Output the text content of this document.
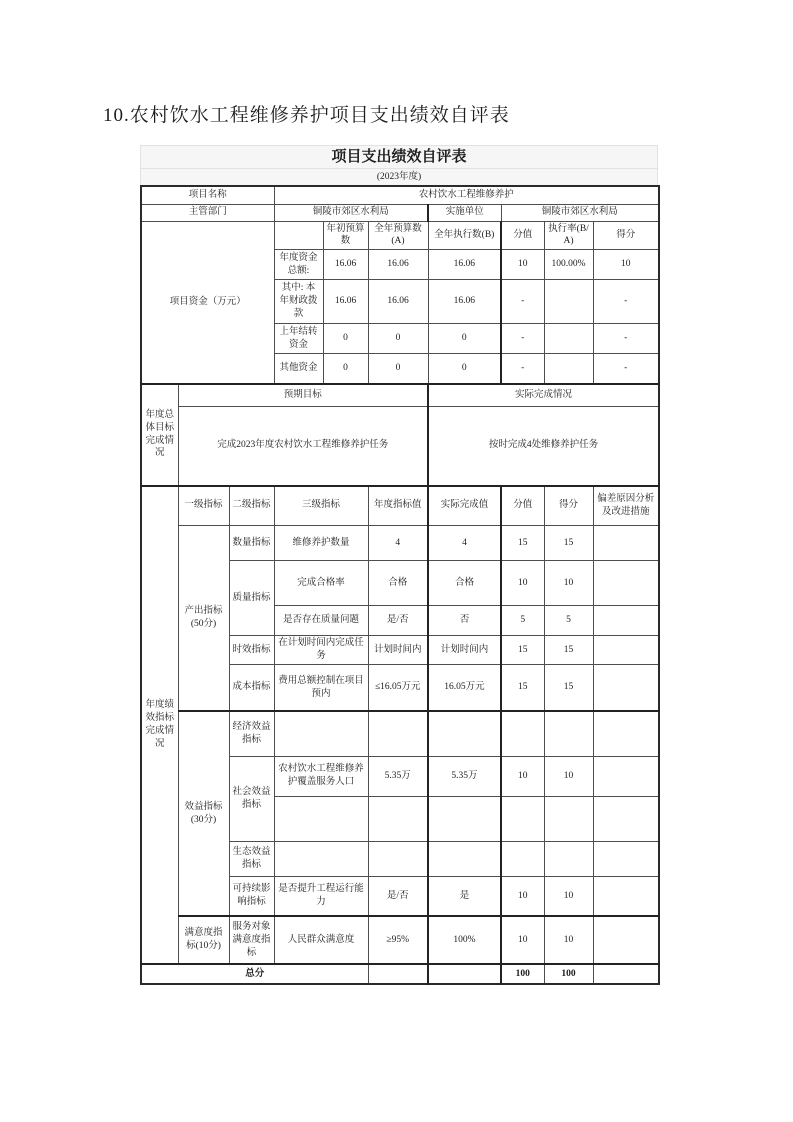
10.农村饮水工程维修养护项目支出绩效自评表
项目支出绩效自评表
(2023年度)
项目名称			农村饮水工程维修养护						
主管部门			铜陵市郊区水利局			实施单位	铜陵市郊区水利局		
项目资金（万元）				年初预算数	全年预算数(A)	全年执行数(B)	分值	执行率(B/A)	得分
			年度资金总额:	16.06	16.06	16.06	10	100.00%	10
			其中: 本年财政拨款	16.06	16.06	16.06	-		-
			上年结转资金	0	0	0	-		-
			其他资金	0	0	0	-		-
年度总体目标完成情况	预期目标					实际完成情况			
	完成2023年度农村饮水工程维修养护任务					按时完成4处维修养护任务			
年度绩效指标完成情况	一级指标	二级指标	三级指标		年度指标值	实际完成值	分值	得分	偏差原因分析及改进措施
	产出指标(50分)	数量指标	维修养护数量		4	4	15	15	
		质量指标	完成合格率		合格	合格	10	10	
			是否存在质量问题		是/否	否	5	5	
		时效指标	在计划时间内完成任务		计划时间内	计划时间内	15	15	
		成本指标	费用总额控制在项目预内		≤16.05万元	16.05万元	15	15	
	效益指标(30分)	经济效益指标							
		社会效益指标	农村饮水工程维修养护覆盖服务人口		5.35万	5.35万	10	10	

		生态效益指标							
		可持续影响指标	是否提升工程运行能力		是/否	是	10	10	
	满意度指标(10分)	服务对象满意度指标	人民群众满意度		≥95%	100%	10	10	
总分							100	100	
